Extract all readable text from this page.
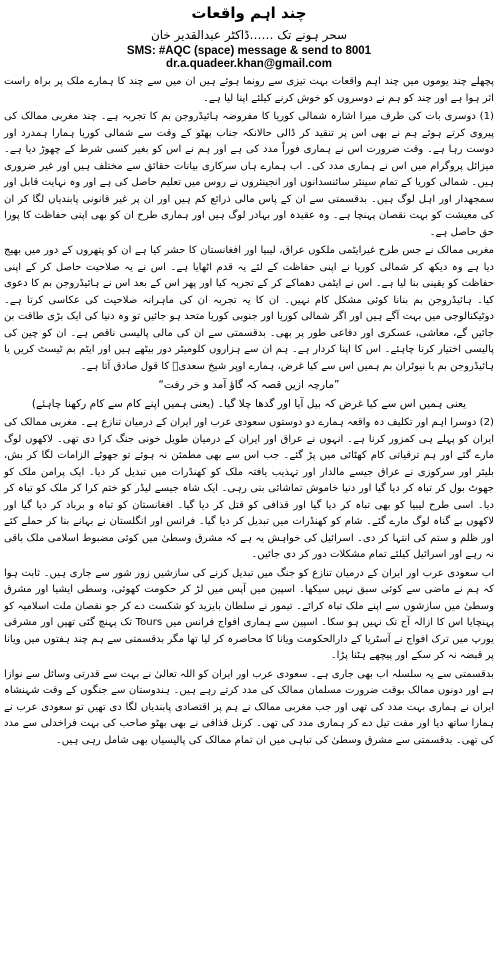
چند اہم واقعات
سحر ہونے تک ……ڈاکٹر عبدالقدیر خان
SMS: #AQC (space) message & send to 8001
dr.a.quadeer.khan@gmail.com

پچھلے چند یوموں میں چند اہم واقعات بہت تیزی سے رونما ہوئے ہیں ان میں سے چند کا ہمارے ملک پر براہ راست اثر ہوا ہے اور چند کو ہم نے دوسروں کو خوش کرنے کیلئے اپنا لیا ہے۔

(1) دوسری بات کی طرف میرا اشارہ شمالی کوریا کا مفروضہ ہائیڈروجن بم کا تجربہ ہے۔ چند مغربی ممالک کی پیروی کرتے ہوئے ہم نے بھی اس پر تنقید کر ڈالی حالانکہ جناب بھٹو کے وقت سے شمالی کوریا ہمارا ہمدرد اور دوست رہا ہے۔ وقت ضرورت اس نے ہماری فوراً مدد کی ہے اور ہم نے اس کو بغیر کسی شرط کے چھوڑ دیا ہے۔ میزائل پروگرام میں اس نے ہماری مدد کی۔ اب ہمارے ہاں سرکاری بیانات حقائق سے مختلف ہیں اور غیر ضروری ہیں۔ شمالی کوریا کے تمام سینئر سائنسدانوں اور انجینئروں نے روس میں تعلیم حاصل کی ہے اور وہ نہایت قابل اور سمجھدار اور اہل لوگ ہیں۔ بدقسمتی سے ان کے پاس مالی ذرائع کم ہیں اور ان پر غیر قانونی پابندیاں لگا کر ان کی معیشت کو بہت نقصان پہنچا ہے۔ وہ عقیدہ اور بہادر لوگ ہیں اور ہماری طرح ان کو بھی اپنی حفاظت کا پورا حق حاصل ہے۔

مغربی ممالک نے جس طرح غیرایٹمی ملکوں عراق، لیبیا اور افغانستان کا حشر کیا ہے ان کو پتھروں کے دور میں بھیج دیا ہے وہ دیکھ کر شمالی کوریا نے اپنی حفاظت کے لئے یہ قدم اٹھایا ہے۔ اس نے یہ صلاحیت حاصل کر کے اپنی حفاظت کو یقینی بنا لیا ہے۔ اس نے ایٹمی دھماکے کر کے تجربہ کیا اور پھر اس کے بعد اس نے ہائیڈروجن بم کا دعوی کیا۔ ہائیڈروجن بم بنانا کوئی مشکل کام نہیں۔ ان کا یہ تجربہ ان کی ماہرانہ صلاحیت کی عکاسی کرتا ہے۔ دوٹیکنالوجی میں بہت آگے ہیں اور اگر شمالی کوریا اور جنوبی کوریا متحد ہو جائیں تو وہ دنیا کی ایک بڑی طاقت بن جائیں گے، معاشی، عسکری اور دفاعی طور پر بھی۔ بدقسمتی سے ان کی مالی پالیسی ناقص ہے۔ ان کو چین کی پالیسی اختیار کرنا چاہئے۔ اس کا اپنا کردار ہے۔ ہم ان سے ہزاروں کلومیٹر دور بیٹھے ہیں اور ایٹم بم ٹیسٹ کریں یا ہائیڈروجن بم یا نیوٹران بم ہمیں اس سے کیا غرض، ہمارے اوپر شیخ سعدیؒ کا قول صادق آتا ہے۔

”مارچہ ازیں قصہ کہ گاؤ آمد و خر رفت“
یعنی ہمیں اس سے کیا غرض کہ بیل آیا اور گدھا چلا گیا۔ (یعنی ہمیں اپنے کام سے کام رکھنا چاہئے)

(2) دوسرا اہم اور تکلیف دہ واقعہ ہمارے دو دوستوں سعودی عرب اور ایران کے درمیان تنازع ہے۔ مغربی ممالک کی ایران کو پہلے ہی کمزور کرنا ہے۔ انہوں نے عراق اور ایران کے درمیان طویل خونی جنگ کرا دی تھی۔ لاکھوں لوگ مارے گئے اور ہم ترقیاتی کام کھٹائی میں پڑ گئے۔ جب اس سے بھی مطمئن نہ ہوئے تو جھوٹے الزامات لگا کر بش، بلیئر اور سرکوزی نے عراق جیسے مالدار اور تہذیب یافتہ ملک کو کھنڈرات میں تبدیل کر دیا۔ ایک پرامن ملک کو جھوٹ بول کر تباہ کر دیا گیا اور دنیا خاموش تماشائی بنی رہی۔ ایک شاہ جیسے لیڈر کو ختم کرا کر ملک کو تباہ کر دیا۔ اسی طرح لیبیا کو بھی تباہ کر دیا گیا اور قذافی کو قتل کر دیا گیا۔ افغانستان کو تباہ و برباد کر دیا گیا اور لاکھوں بے گناہ لوگ مارے گئے۔ شام کو کھنڈرات میں تبدیل کر دیا گیا۔ فرانس اور انگلستان نے بہانے بنا کر حملے کئے اور ظلم و ستم کی انتہا کر دی۔ اسرائیل کی خواہش یہ ہے کہ مشرق وسطیٰ میں کوئی مضبوط اسلامی ملک باقی نہ رہے اور اسرائیل کیلئے تمام مشکلات دور کر دی جائیں۔

اب سعودی عرب اور ایران کے درمیان تنازع کو جنگ میں تبدیل کرنے کی سازشیں زور شور سے جاری ہیں۔ ثابت ہوا کہ ہم نے ماضی سے کوئی سبق نہیں سیکھا۔ اسپین میں آپس میں لڑ کر حکومت کھوئی، وسطی ایشیا اور مشرق وسطیٰ میں سازشوں سے اپنے ملک تباہ کرائے۔ تیمور نے سلطان بایزید کو شکست دے کر جو نقصان ملت اسلامیہ کو پہنچایا اس کا ازالہ آج تک نہیں ہو سکا۔ اسپین سے ہماری افواج فرانس میں Tours تک پہنچ گئی تھیں اور مشرقی یورپ میں ترک افواج نے آسٹریا کے دارالحکومت ویانا کا محاصرہ کر لیا تھا مگر بدقسمتی سے ہم چند ہفتوں میں ویانا پر قبضہ نہ کر سکے اور پیچھے ہٹنا پڑا۔

بدقسمتی سے یہ سلسلہ اب بھی جاری ہے۔ سعودی عرب اور ایران کو اللہ تعالیٰ نے بہت سے قدرتی وسائل سے نوازا ہے اور دونوں ممالک بوقت ضرورت مسلمان ممالک کی مدد کرتے رہے ہیں۔ ہندوستان سے جنگوں کے وقت شہنشاہ ایران نے ہماری بہت مدد کی تھی اور جب مغربی ممالک نے ہم پر اقتصادی پابندیاں لگا دی تھیں تو سعودی عرب نے ہمارا ساتھ دیا اور مفت تیل دے کر ہماری مدد کی تھی۔ کرنل قذافی نے بھی بھٹو صاحب کی بہت فراخدلی سے مدد کی تھی۔ بدقسمتی سے مشرق وسطیٰ کی تباہی میں ان تمام ممالک کی پالیسیاں بھی شامل رہی ہیں۔
